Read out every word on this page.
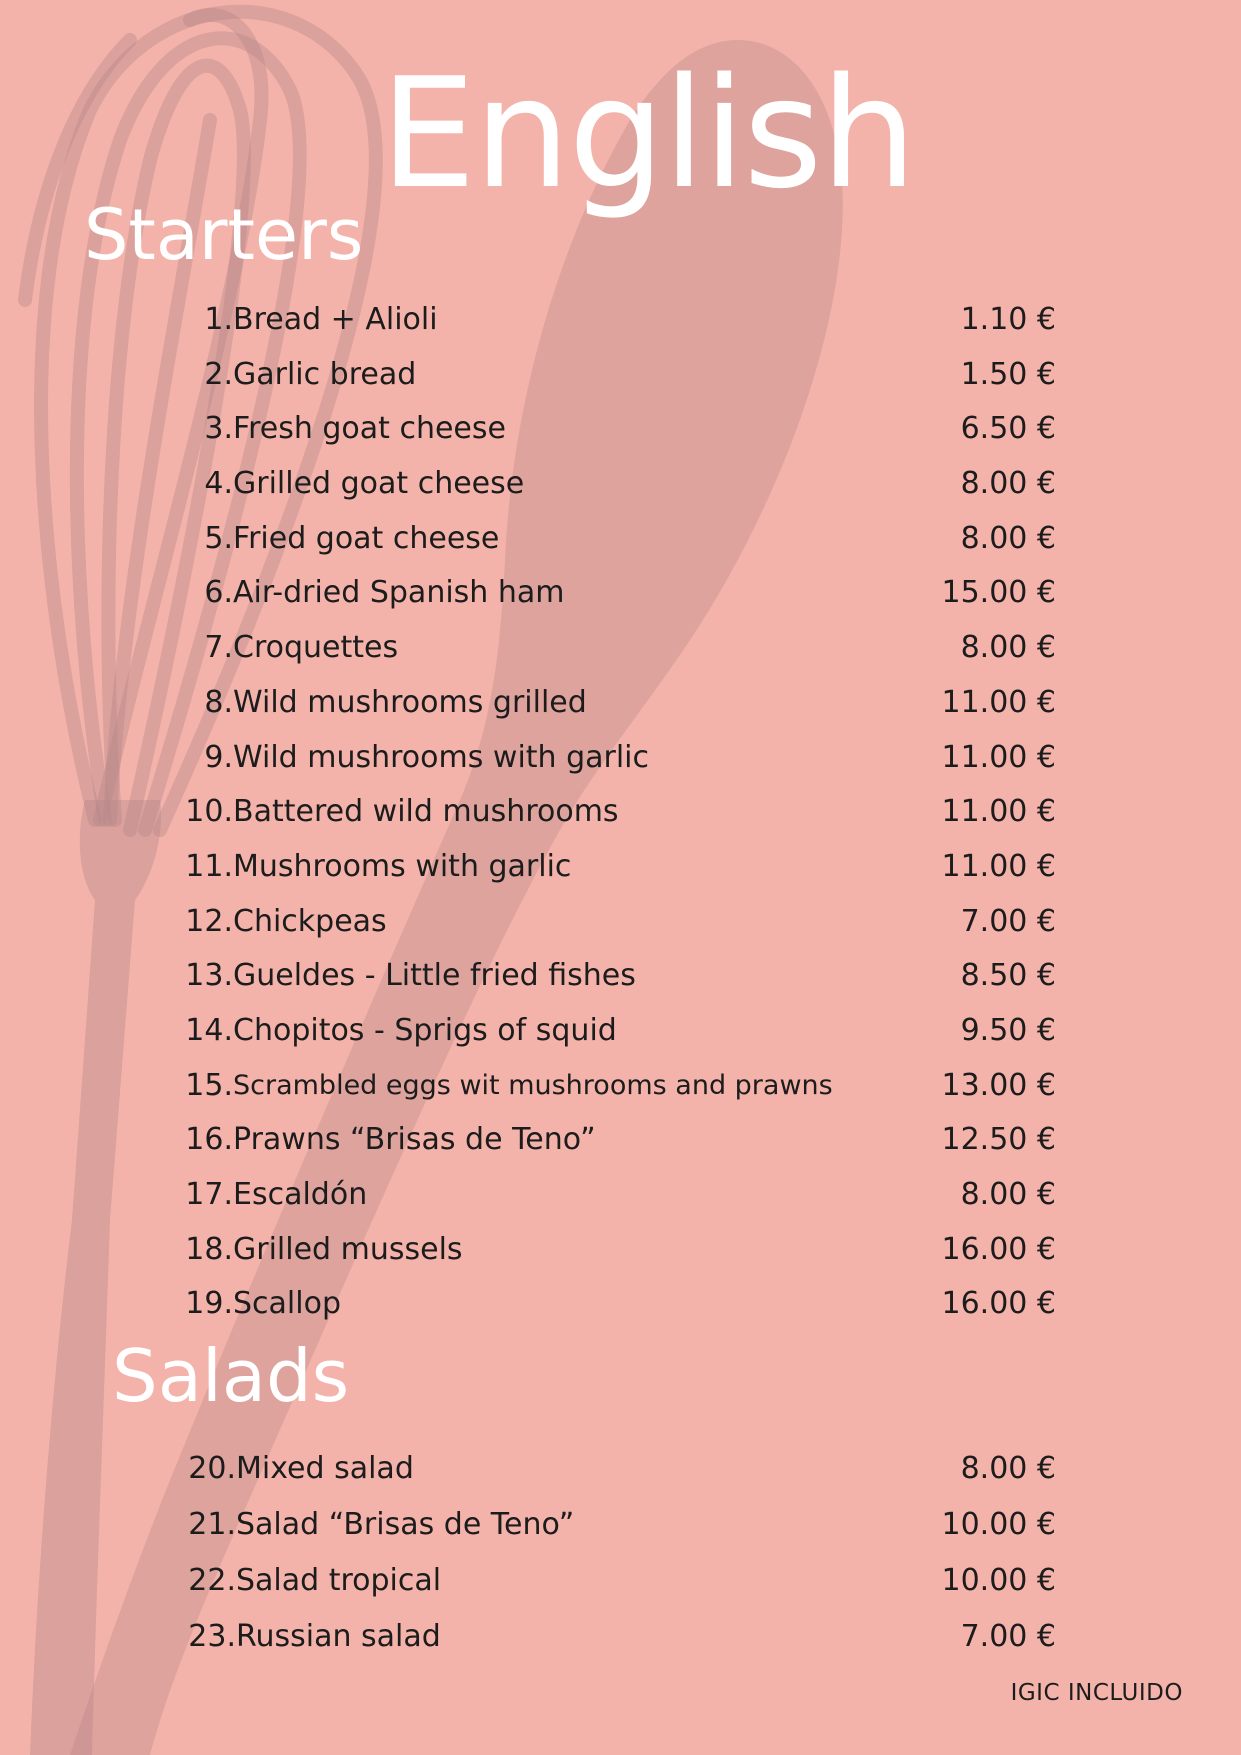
English
Starters
1. Bread + Alioli	1.10 €
2. Garlic bread	1.50 €
3. Fresh goat cheese	6.50 €
4. Grilled goat cheese	8.00 €
5. Fried goat cheese	8.00 €
6. Air-dried Spanish ham	15.00 €
7. Croquettes	8.00 €
8. Wild mushrooms grilled	11.00 €
9. Wild mushrooms with garlic	11.00 €
10. Battered wild mushrooms	11.00 €
11. Mushrooms with garlic	11.00 €
12. Chickpeas	7.00 €
13. Gueldes - Little fried fishes	8.50 €
14. Chopitos - Sprigs of squid	9.50 €
15. Scrambled eggs wit mushrooms and prawns	13.00 €
16. Prawns “Brisas de Teno”	12.50 €
17. Escaldón	8.00 €
18. Grilled mussels	16.00 €
19. Scallop	16.00 €
Salads
20. Mixed salad	8.00 €
21. Salad “Brisas de Teno”	10.00 €
22. Salad tropical	10.00 €
23. Russian salad	7.00 €
IGIC INCLUIDO
